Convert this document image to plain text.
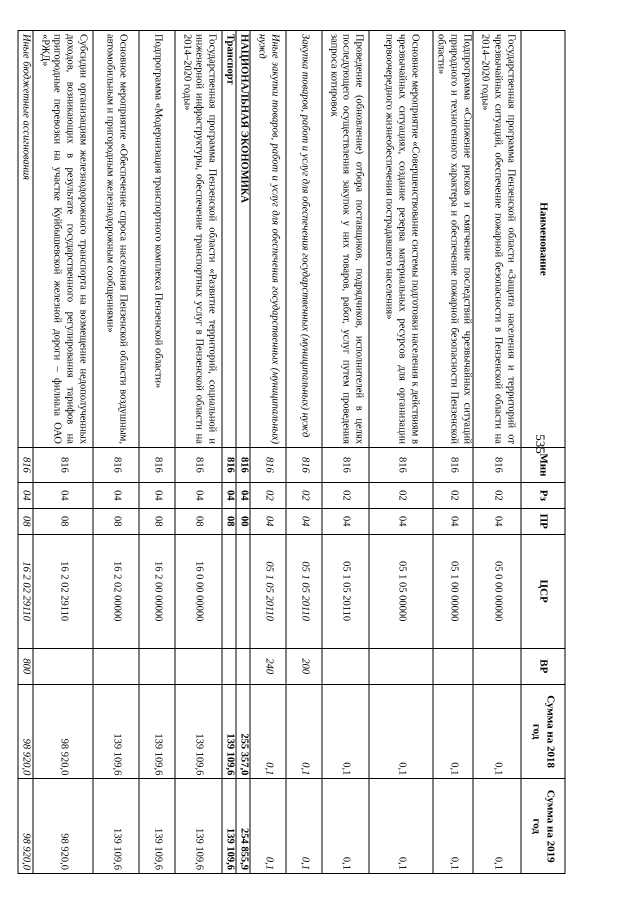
535
Наименование	Мин	Рз	ПР	ЦСР	ВР	Сумма на 2018 год	Сумма на 2019 год
Государственная программа Пензенской области «Защита населения и территорий от чрезвычайных ситуаций, обеспечение пожарной безопасности в Пензенской области на 2014–2020 годы»	816	02	04	05 0 00 00000		0,1	0,1
Подпрограмма «Снижение рисков и смягчение последствий чрезвычайных ситуаций природного и техногенного характера и обеспечение пожарной безопасности Пензенской области»	816	02	04	05 1 00 00000		0,1	0,1
Основное мероприятие «Совершенствование системы подготовки населения к действиям в чрезвычайных ситуациях, создание резерва материальных ресурсов для организации первоочередного жизнеобеспечения пострадавшего населения»	816	02	04	05 1 05 00000		0,1	0,1
Проведение (обновление) отбора поставщиков, подрядчиков, исполнителей в целях последующего осуществления закупок у них товаров, работ, услуг путем проведения запроса котировок	816	02	04	05 1 05 20110		0,1	0,1
Закупка товаров, работ и услуг для обеспечения государственных (муниципальных) нужд	816	02	04	05 1 05 20110	200	0,1	0,1
Иные закупки товаров, работ и услуг для обеспечения государственных (муниципальных) нужд	816	02	04	05 1 05 20110	240	0,1	0,1
НАЦИОНАЛЬНАЯ ЭКОНОМИКА	816	04	00			255 357,0	254 855,9
Транспорт	816	04	08			139 109,6	139 109,6
Государственная программа Пензенской области «Развитие территорий, социальной и инженерной инфраструктуры, обеспечение транспортных услуг в Пензенской области на 2014–2020 годы»	816	04	08	16 0 00 00000		139 109,6	139 109,6
Подпрограмма «Модернизация транспортного комплекса Пензенской области»	816	04	08	16 2 00 00000		139 109,6	139 109,6
Основное мероприятие «Обеспечение спроса населения Пензенской области воздушным, автомобильным и пригородным железнодорожным сообщениями»	816	04	08	16 2 02 00000		139 109,6	139 109,6
Субсидии организациям железнодорожного транспорта на возмещение недополученных доходов, возникающих в результате государственного регулирования тарифов на пригородные перевозки на участке Куйбышевской железной дороги – филиала ОАО «РЖД»	816	04	08	16 2 02 29110		98 920,0	98 920,0
Иные бюджетные ассигнования	816	04	08	16 2 02 29110	800	98 920,0	98 920,0
